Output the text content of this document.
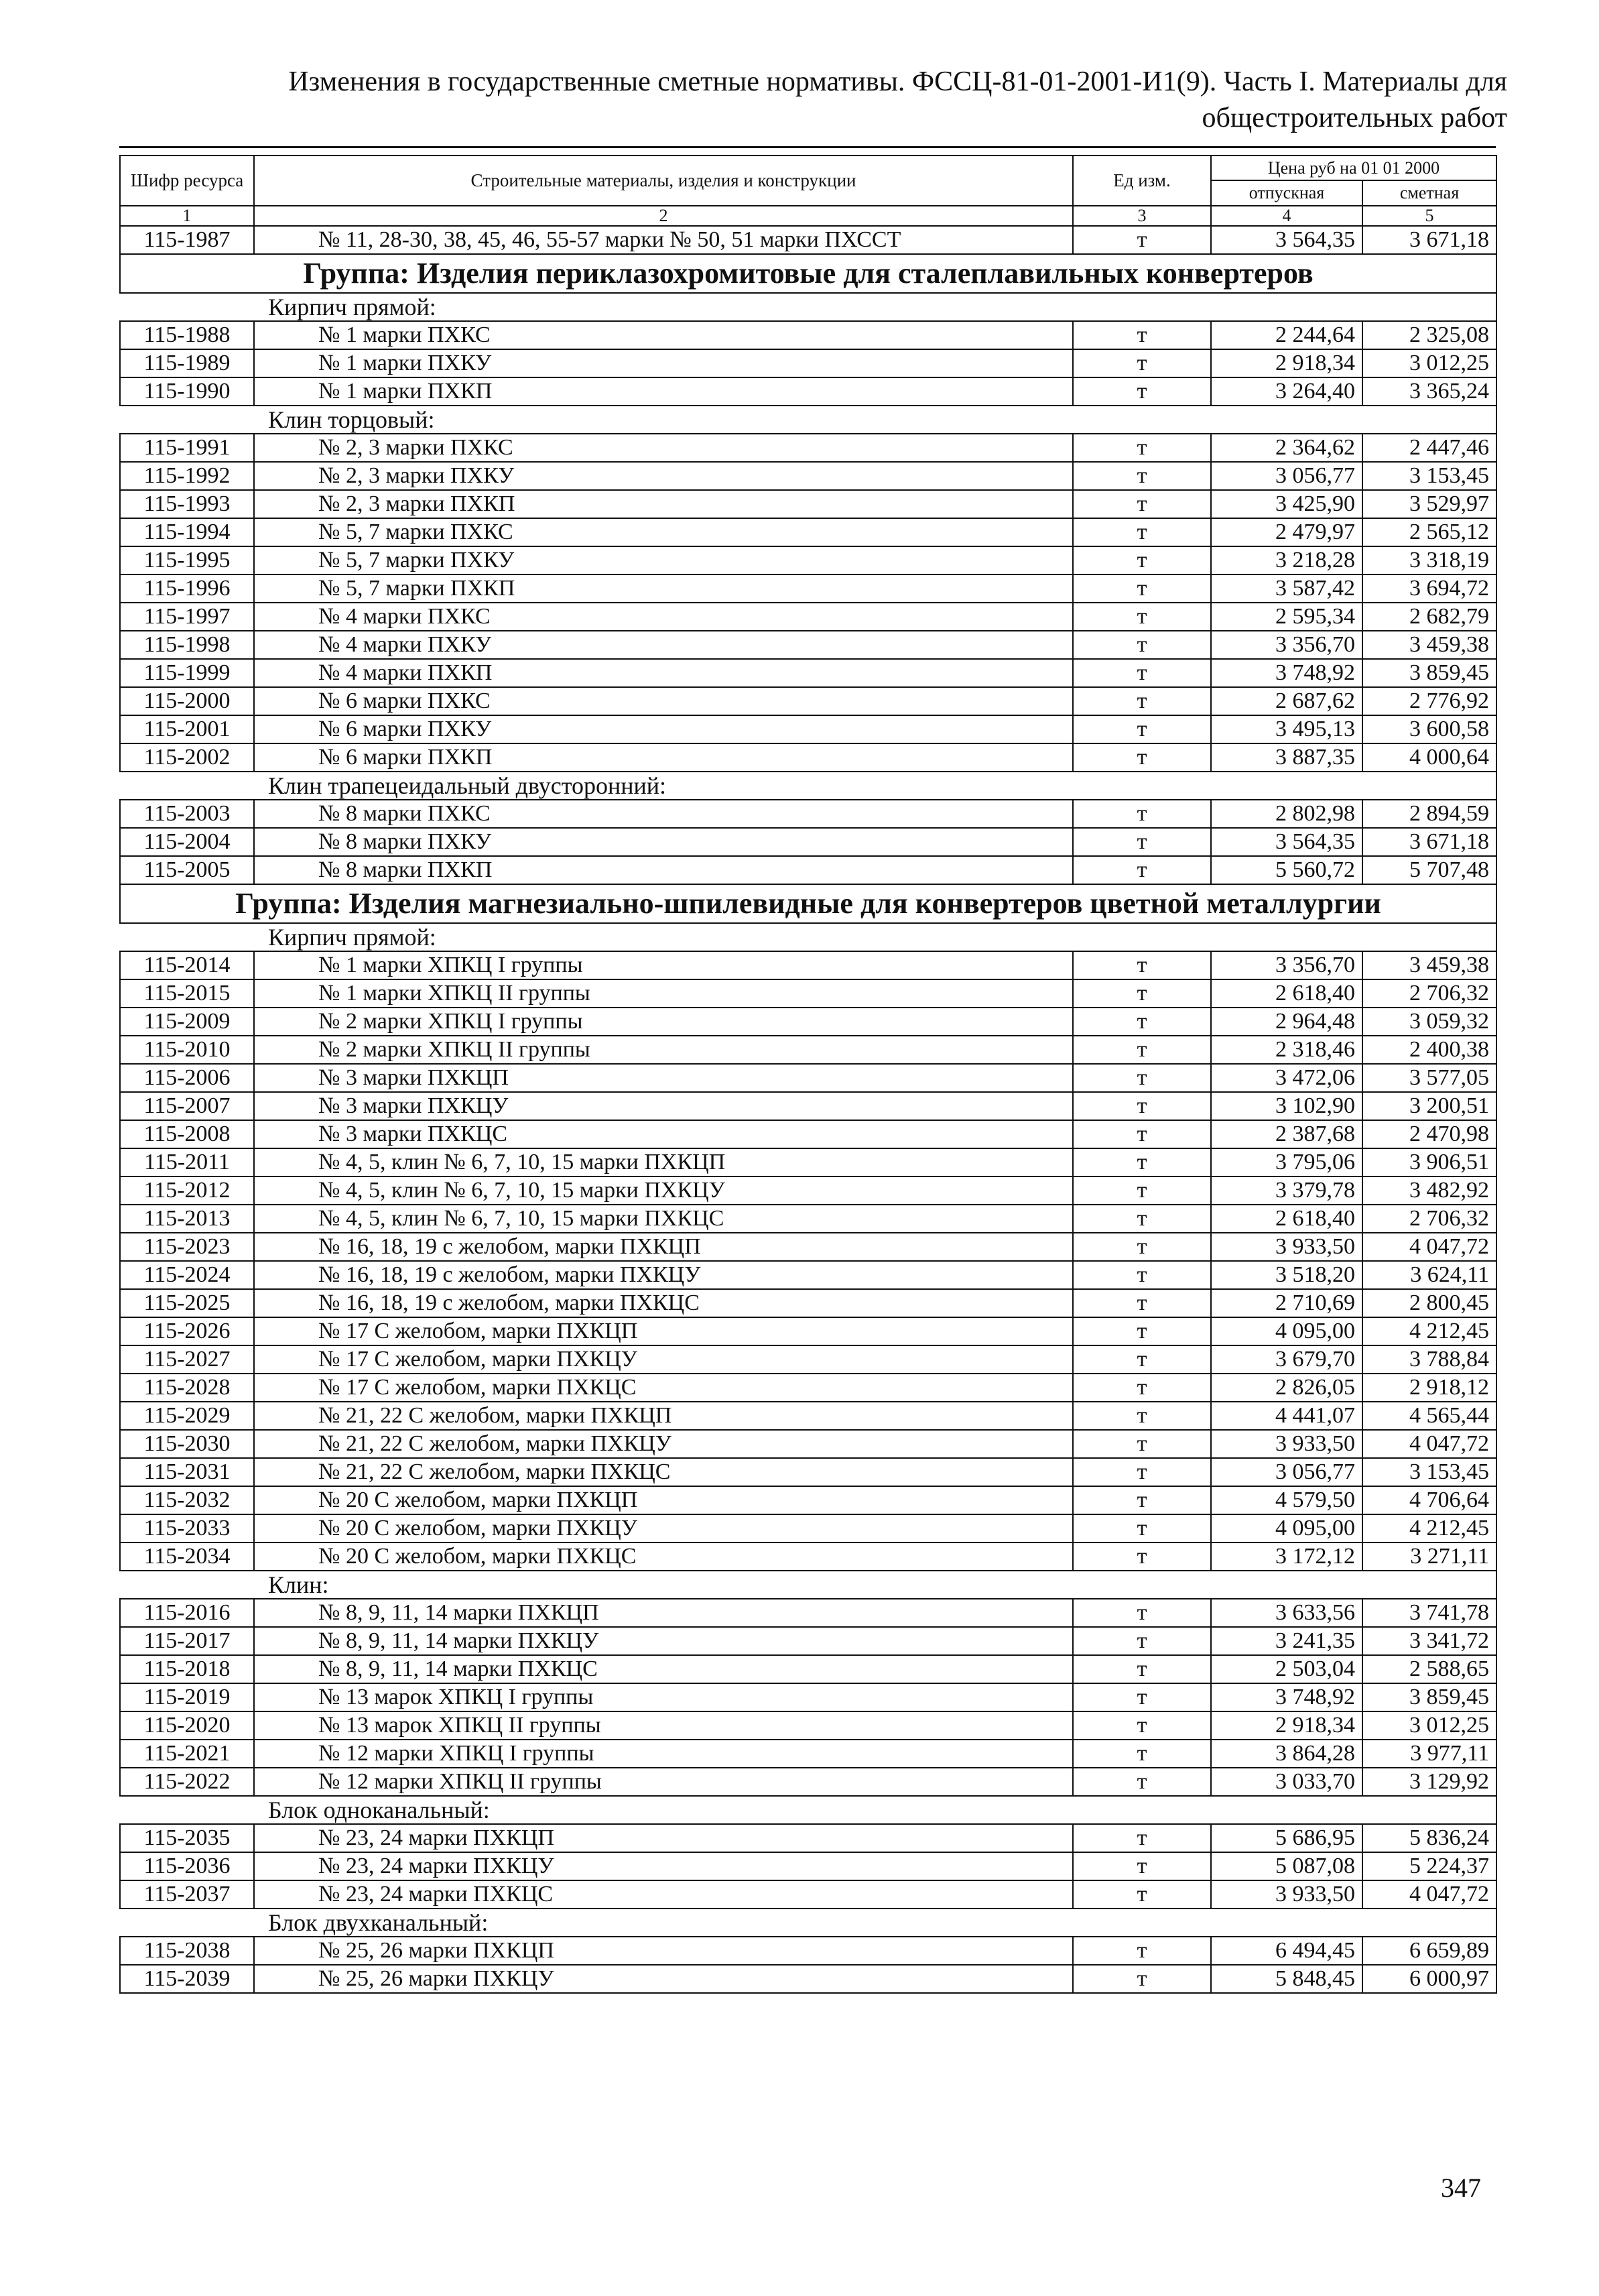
Изменения в государственные сметные нормативы. ФССЦ-81-01-2001-И1(9). Часть I. Материалы для
общестроительных работ
Шифр ресурса	Строительные материалы, изделия и конструкции	Ед изм.	Цена руб на 01 01 2000	
			отпускная	сметная
1	2	3	4	5
115-1987	№ 11, 28-30, 38, 45, 46, 55-57 марки № 50, 51 марки ПХССТ	т	3 564,35	3 671,18
Группа: Изделия периклазохромитовые для сталеплавильных конвертеров				
Кирпич прямой:				
115-1988	№ 1 марки ПХКС	т	2 244,64	2 325,08
115-1989	№ 1 марки ПХКУ	т	2 918,34	3 012,25
115-1990	№ 1 марки ПХКП	т	3 264,40	3 365,24
Клин торцовый:				
115-1991	№ 2, 3 марки ПХКС	т	2 364,62	2 447,46
115-1992	№ 2, 3 марки ПХКУ	т	3 056,77	3 153,45
115-1993	№ 2, 3 марки ПХКП	т	3 425,90	3 529,97
115-1994	№ 5, 7 марки ПХКС	т	2 479,97	2 565,12
115-1995	№ 5, 7 марки ПХКУ	т	3 218,28	3 318,19
115-1996	№ 5, 7 марки ПХКП	т	3 587,42	3 694,72
115-1997	№ 4 марки ПХКС	т	2 595,34	2 682,79
115-1998	№ 4 марки ПХКУ	т	3 356,70	3 459,38
115-1999	№ 4 марки ПХКП	т	3 748,92	3 859,45
115-2000	№ 6 марки ПХКС	т	2 687,62	2 776,92
115-2001	№ 6 марки ПХКУ	т	3 495,13	3 600,58
115-2002	№ 6 марки ПХКП	т	3 887,35	4 000,64
Клин трапецеидальный двусторонний:				
115-2003	№ 8 марки ПХКС	т	2 802,98	2 894,59
115-2004	№ 8 марки ПХКУ	т	3 564,35	3 671,18
115-2005	№ 8 марки ПХКП	т	5 560,72	5 707,48
Группа: Изделия магнезиально-шпилевидные для конвертеров цветной металлургии				
Кирпич прямой:				
115-2014	№ 1 марки ХПКЦ I группы	т	3 356,70	3 459,38
115-2015	№ 1 марки ХПКЦ II группы	т	2 618,40	2 706,32
115-2009	№ 2 марки ХПКЦ I группы	т	2 964,48	3 059,32
115-2010	№ 2 марки ХПКЦ II группы	т	2 318,46	2 400,38
115-2006	№ 3 марки ПХКЦП	т	3 472,06	3 577,05
115-2007	№ 3 марки ПХКЦУ	т	3 102,90	3 200,51
115-2008	№ 3 марки ПХКЦС	т	2 387,68	2 470,98
115-2011	№ 4, 5, клин № 6, 7, 10, 15 марки ПХКЦП	т	3 795,06	3 906,51
115-2012	№ 4, 5, клин № 6, 7, 10, 15 марки ПХКЦУ	т	3 379,78	3 482,92
115-2013	№ 4, 5, клин № 6, 7, 10, 15 марки ПХКЦС	т	2 618,40	2 706,32
115-2023	№ 16, 18, 19 с желобом, марки ПХКЦП	т	3 933,50	4 047,72
115-2024	№ 16, 18, 19 с желобом, марки ПХКЦУ	т	3 518,20	3 624,11
115-2025	№ 16, 18, 19 с желобом, марки ПХКЦС	т	2 710,69	2 800,45
115-2026	№ 17 С желобом, марки ПХКЦП	т	4 095,00	4 212,45
115-2027	№ 17 С желобом, марки ПХКЦУ	т	3 679,70	3 788,84
115-2028	№ 17 С желобом, марки ПХКЦС	т	2 826,05	2 918,12
115-2029	№ 21, 22 С желобом, марки ПХКЦП	т	4 441,07	4 565,44
115-2030	№ 21, 22 С желобом, марки ПХКЦУ	т	3 933,50	4 047,72
115-2031	№ 21, 22 С желобом, марки ПХКЦС	т	3 056,77	3 153,45
115-2032	№ 20 С желобом, марки ПХКЦП	т	4 579,50	4 706,64
115-2033	№ 20 С желобом, марки ПХКЦУ	т	4 095,00	4 212,45
115-2034	№ 20 С желобом, марки ПХКЦС	т	3 172,12	3 271,11
Клин:				
115-2016	№ 8, 9, 11, 14 марки ПХКЦП	т	3 633,56	3 741,78
115-2017	№ 8, 9, 11, 14 марки ПХКЦУ	т	3 241,35	3 341,72
115-2018	№ 8, 9, 11, 14 марки ПХКЦС	т	2 503,04	2 588,65
115-2019	№ 13 марок ХПКЦ I группы	т	3 748,92	3 859,45
115-2020	№ 13 марок ХПКЦ II группы	т	2 918,34	3 012,25
115-2021	№ 12 марки ХПКЦ I группы	т	3 864,28	3 977,11
115-2022	№ 12 марки ХПКЦ II группы	т	3 033,70	3 129,92
Блок одноканальный:				
115-2035	№ 23, 24 марки ПХКЦП	т	5 686,95	5 836,24
115-2036	№ 23, 24 марки ПХКЦУ	т	5 087,08	5 224,37
115-2037	№ 23, 24 марки ПХКЦС	т	3 933,50	4 047,72
Блок двухканальный:				
115-2038	№ 25, 26 марки ПХКЦП	т	6 494,45	6 659,89
115-2039	№ 25, 26 марки ПХКЦУ	т	5 848,45	6 000,97
347
